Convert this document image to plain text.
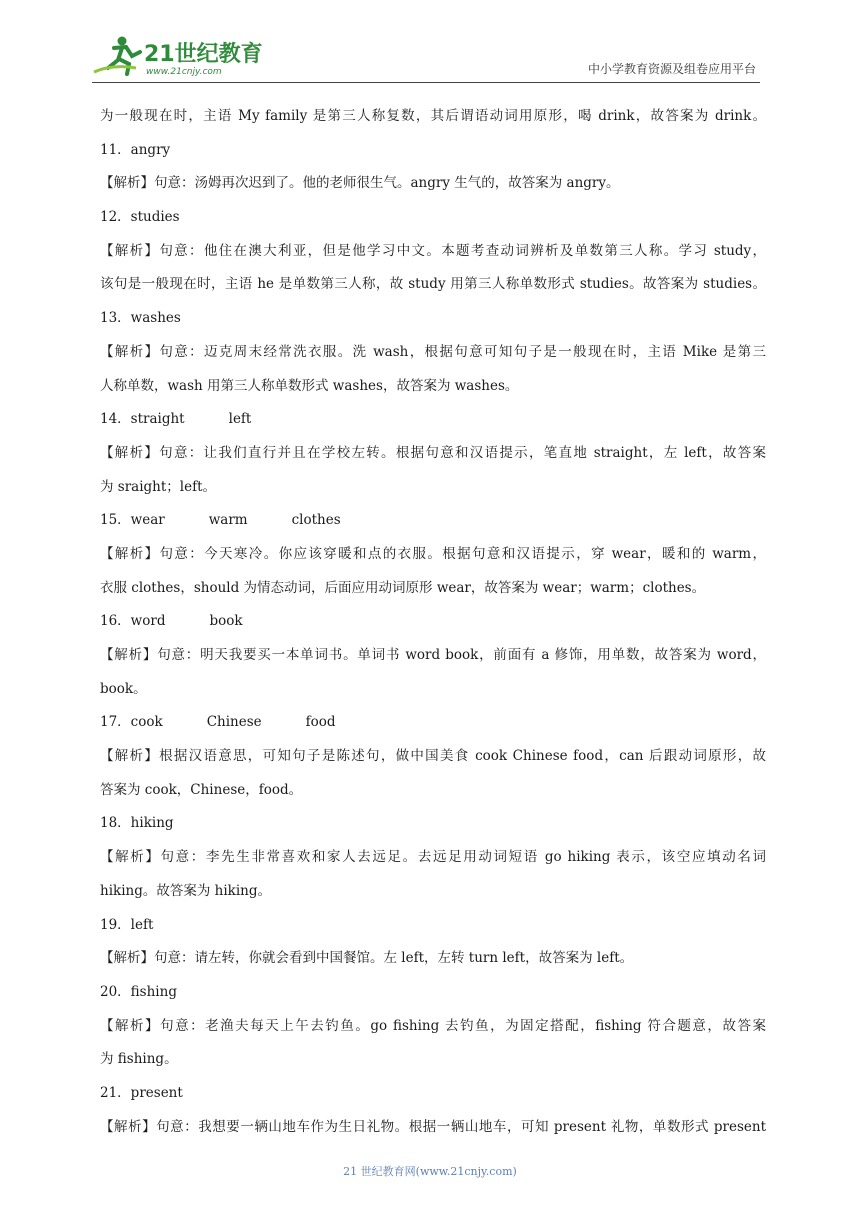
21世纪教育
www.21cnjy.com	中小学教育资源及组卷应用平台
为一般现在时，主语 My family 是第三人称复数，其后谓语动词用原形，喝 drink，故答案为 drink。
11．angry
【解析】句意：汤姆再次迟到了。他的老师很生气。angry 生气的，故答案为 angry。
12．studies
【解析】句意：他住在澳大利亚，但是他学习中文。本题考查动词辨析及单数第三人称。学习 study，
该句是一般现在时，主语 he 是单数第三人称，故 study 用第三人称单数形式 studies。故答案为 studies。
13．washes
【解析】句意：迈克周末经常洗衣服。洗 wash，根据句意可知句子是一般现在时，主语 Mike 是第三
人称单数，wash 用第三人称单数形式 washes，故答案为 washes。
14．straight	left
【解析】句意：让我们直行并且在学校左转。根据句意和汉语提示，笔直地 straight，左 left，故答案
为 sraight；left。
15．wear	warm	clothes
【解析】句意：今天寒冷。你应该穿暖和点的衣服。根据句意和汉语提示，穿 wear，暖和的 warm，
衣服 clothes，should 为情态动词，后面应用动词原形 wear，故答案为 wear；warm；clothes。
16．word	book
【解析】句意：明天我要买一本单词书。单词书 word book，前面有 a 修饰，用单数，故答案为 word，
book。
17．cook	Chinese	food
【解析】根据汉语意思，可知句子是陈述句，做中国美食 cook Chinese food，can 后跟动词原形，故
答案为 cook，Chinese，food。
18．hiking
【解析】句意：李先生非常喜欢和家人去远足。去远足用动词短语 go hiking 表示，该空应填动名词
hiking。故答案为 hiking。
19．left
【解析】句意：请左转，你就会看到中国餐馆。左 left，左转 turn left，故答案为 left。
20．fishing
【解析】句意：老渔夫每天上午去钓鱼。go fishing 去钓鱼，为固定搭配，fishing 符合题意，故答案
为 fishing。
21．present
【解析】句意：我想要一辆山地车作为生日礼物。根据一辆山地车，可知 present 礼物，单数形式 present
21 世纪教育网(www.21cnjy.com)
